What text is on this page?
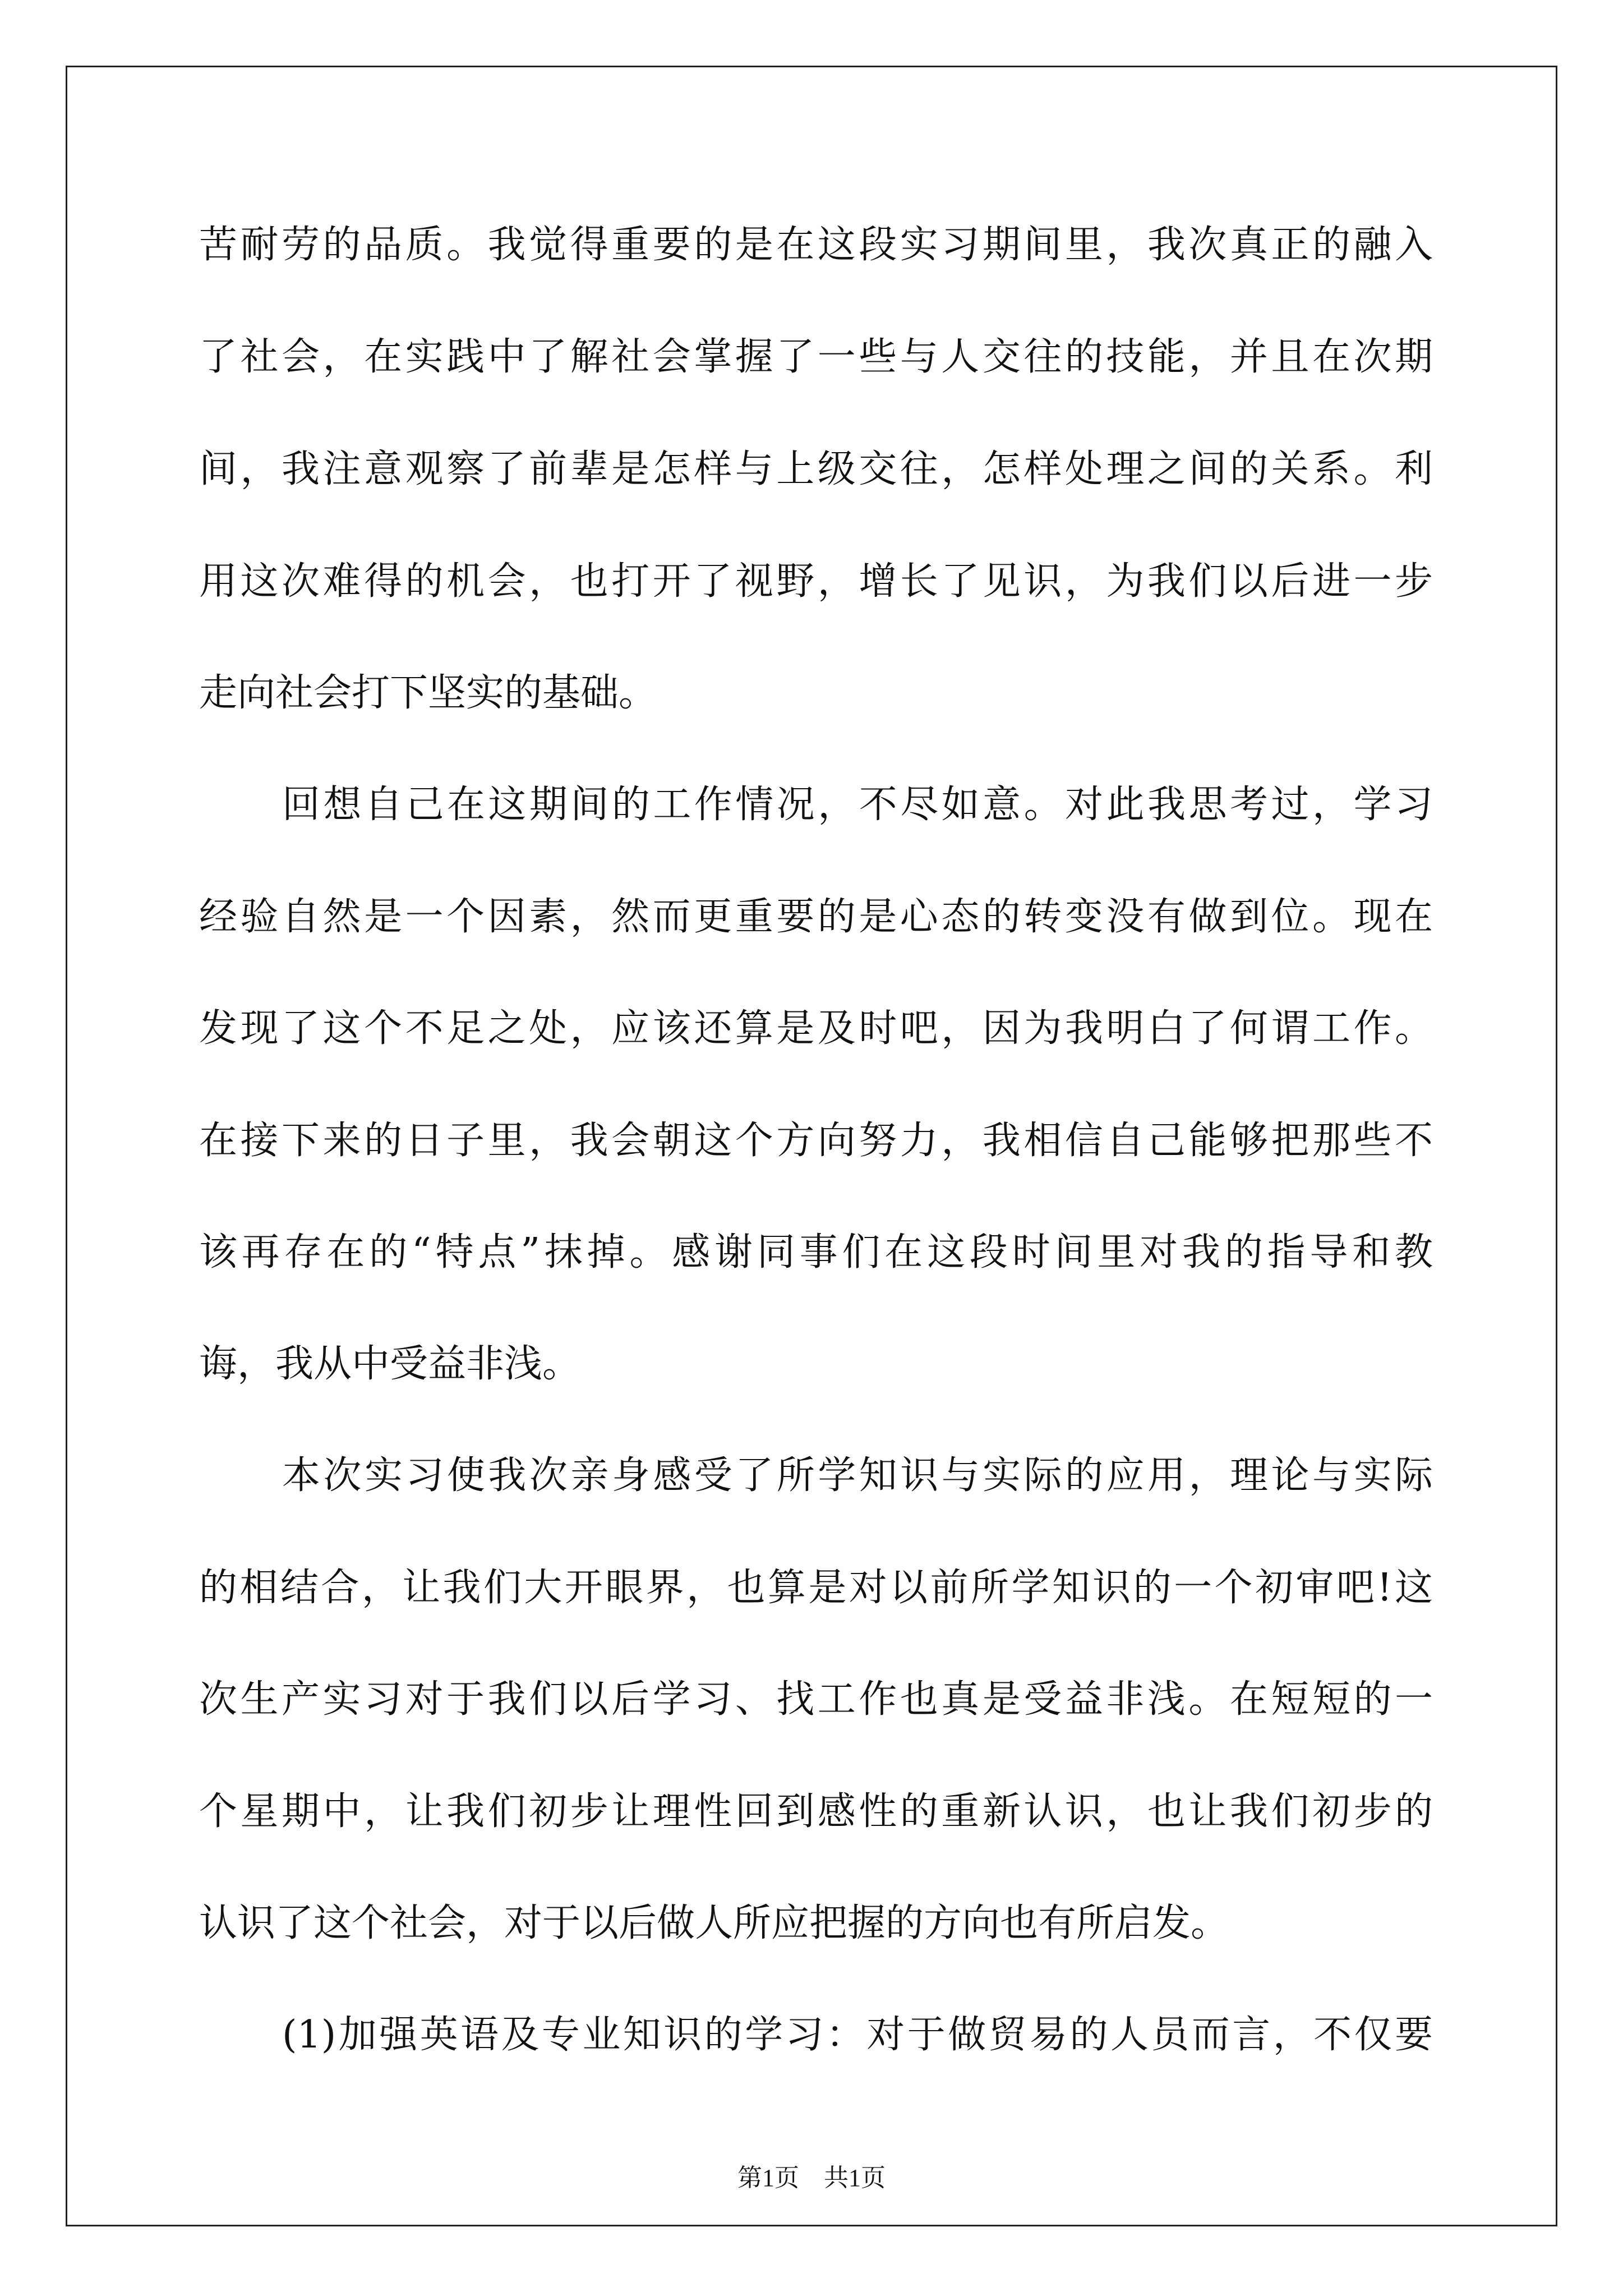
苦耐劳的品质。我觉得重要的是在这段实习期间里，我次真正的融入
了社会，在实践中了解社会掌握了一些与人交往的技能，并且在次期
间，我注意观察了前辈是怎样与上级交往，怎样处理之间的关系。利
用这次难得的机会，也打开了视野，增长了见识，为我们以后进一步
走向社会打下坚实的基础。
回想自己在这期间的工作情况，不尽如意。对此我思考过，学习
经验自然是一个因素，然而更重要的是心态的转变没有做到位。现在
发现了这个不足之处，应该还算是及时吧，因为我明白了何谓工作。
在接下来的日子里，我会朝这个方向努力，我相信自己能够把那些不
该再存在的“特点”抹掉。感谢同事们在这段时间里对我的指导和教
诲，我从中受益非浅。
本次实习使我次亲身感受了所学知识与实际的应用，理论与实际
的相结合，让我们大开眼界，也算是对以前所学知识的一个初审吧!这
次生产实习对于我们以后学习、找工作也真是受益非浅。在短短的一
个星期中，让我们初步让理性回到感性的重新认识，也让我们初步的
认识了这个社会，对于以后做人所应把握的方向也有所启发。
(1)加强英语及专业知识的学习：对于做贸易的人员而言，不仅要
第1页　共1页
